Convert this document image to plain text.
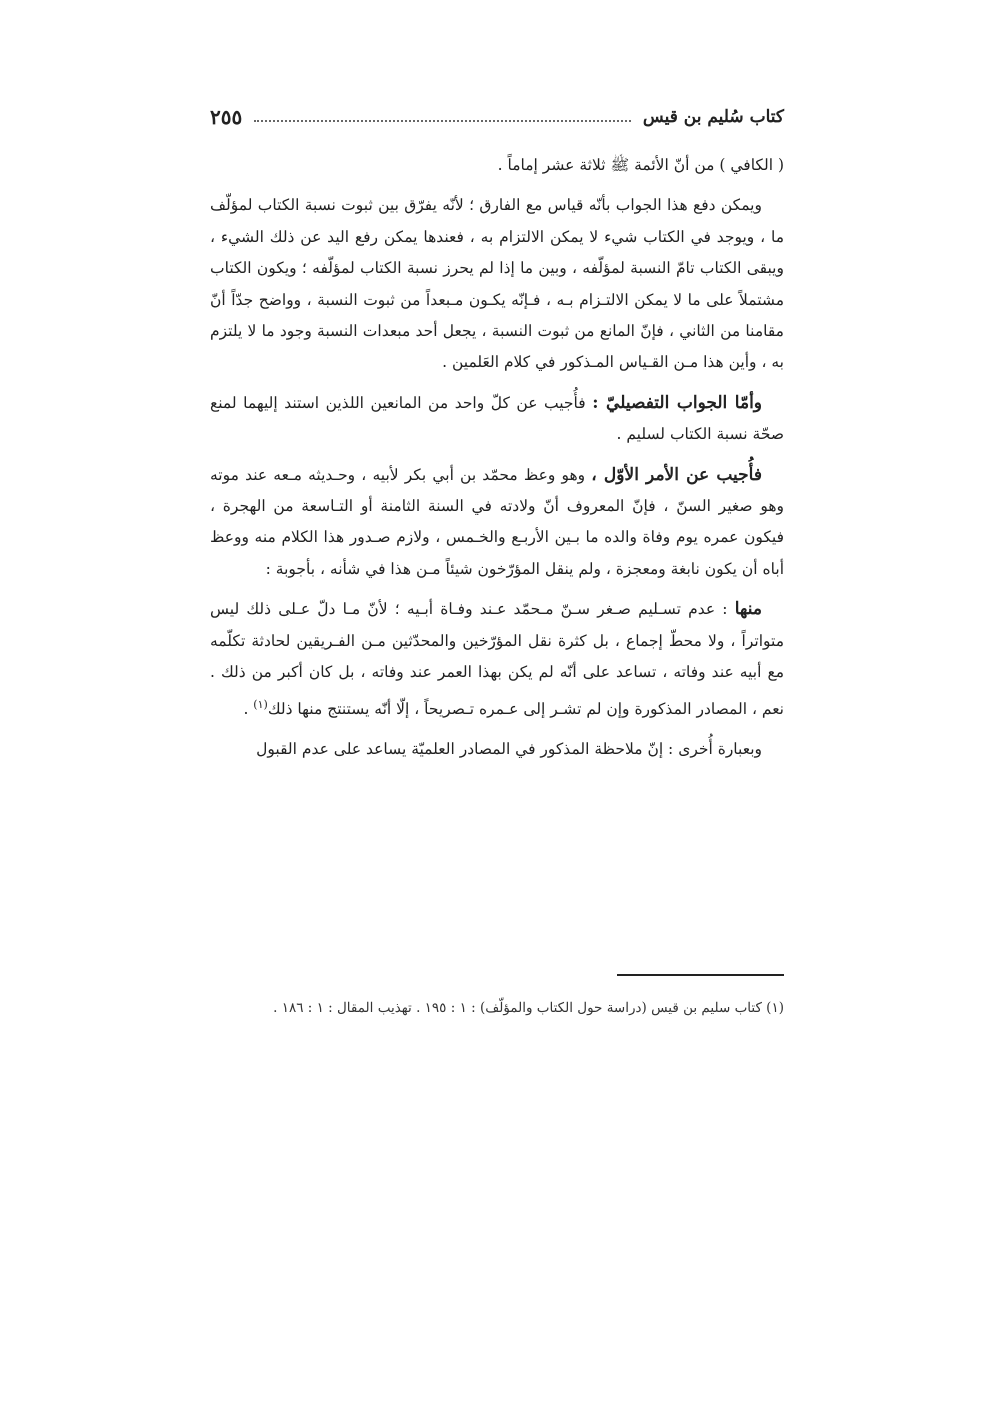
كتاب سُليم بن قيس
٢٥٥

( الكافي ) من أنّ الأئمة ﷺ ثلاثة عشر إماماً .

ويمكن دفع هذا الجواب بأنّه قياس مع الفارق ؛ لأنّه يفرّق بين ثبوت نسبة الكتاب لمؤلّف ما ، ويوجد في الكتاب شيء لا يمكن الالتزام به ، فعندها يمكن رفع اليد عن ذلك الشيء ، ويبقى الكتاب تامّ النسبة لمؤلّفه ، وبين ما إذا لم يحرز نسبة الكتاب لمؤلّفه ؛ ويكون الكتاب مشتملاً على ما لا يمكن الالتـزام بـه ، فـإنّه يكـون مـبعداً من ثبوت النسبة ، وواضح جدّاً أنّ مقامنا من الثاني ، فإنّ المانع من ثبوت النسبة ، يجعل أحد مبعدات النسبة وجود ما لا يلتزم به ، وأين هذا مـن القـياس المـذكور في كلام العَلمين .

وأمّا الجواب التفصيليّ : فأُجيب عن كلّ واحد من المانعين اللذين استند إليهما لمنع صحّة نسبة الكتاب لسليم .

فأُجيب عن الأمر الأوّل ، وهو وعظ محمّد بن أبي بكر لأبيه ، وحـديثه مـعه عند موته وهو صغير السنّ ، فإنّ المعروف أنّ ولادته في السنة الثامنة أو التـاسعة من الهجرة ، فيكون عمره يوم وفاة والده ما بـين الأربـع والخـمس ، ولازم صـدور هذا الكلام منه ووعظ أباه أن يكون نابغة ومعجزة ، ولم ينقل المؤرّخون شيئاً مـن هذا في شأنه ، بأجوبة :

منها : عدم تسـليم صـغر سـنّ مـحمّد عـند وفـاة أبـيه ؛ لأنّ مـا دلّ عـلى ذلك ليس متواتراً ، ولا محطّ إجماع ، بل كثرة نقل المؤرّخين والمحدّثين مـن الفـريقين لحادثة تكلّمه مع أبيه عند وفاته ، تساعد على أنّه لم يكن بهذا العمر عند وفاته ، بل كان أكبر من ذلك . نعم ، المصادر المذكورة وإن لم تشـر إلى عـمره تـصريحاً ، إلّا أنّه يستنتج منها ذلك$^{(١)}$ .

وبعبارة أُخرى : إنّ ملاحظة المذكور في المصادر العلميّة يساعد على عدم القبول

(١) كتاب سليم بن قيس (دراسة حول الكتاب والمؤلّف) : ١ : ١٩٥ . تهذيب المقال : ١ : ١٨٦ .
